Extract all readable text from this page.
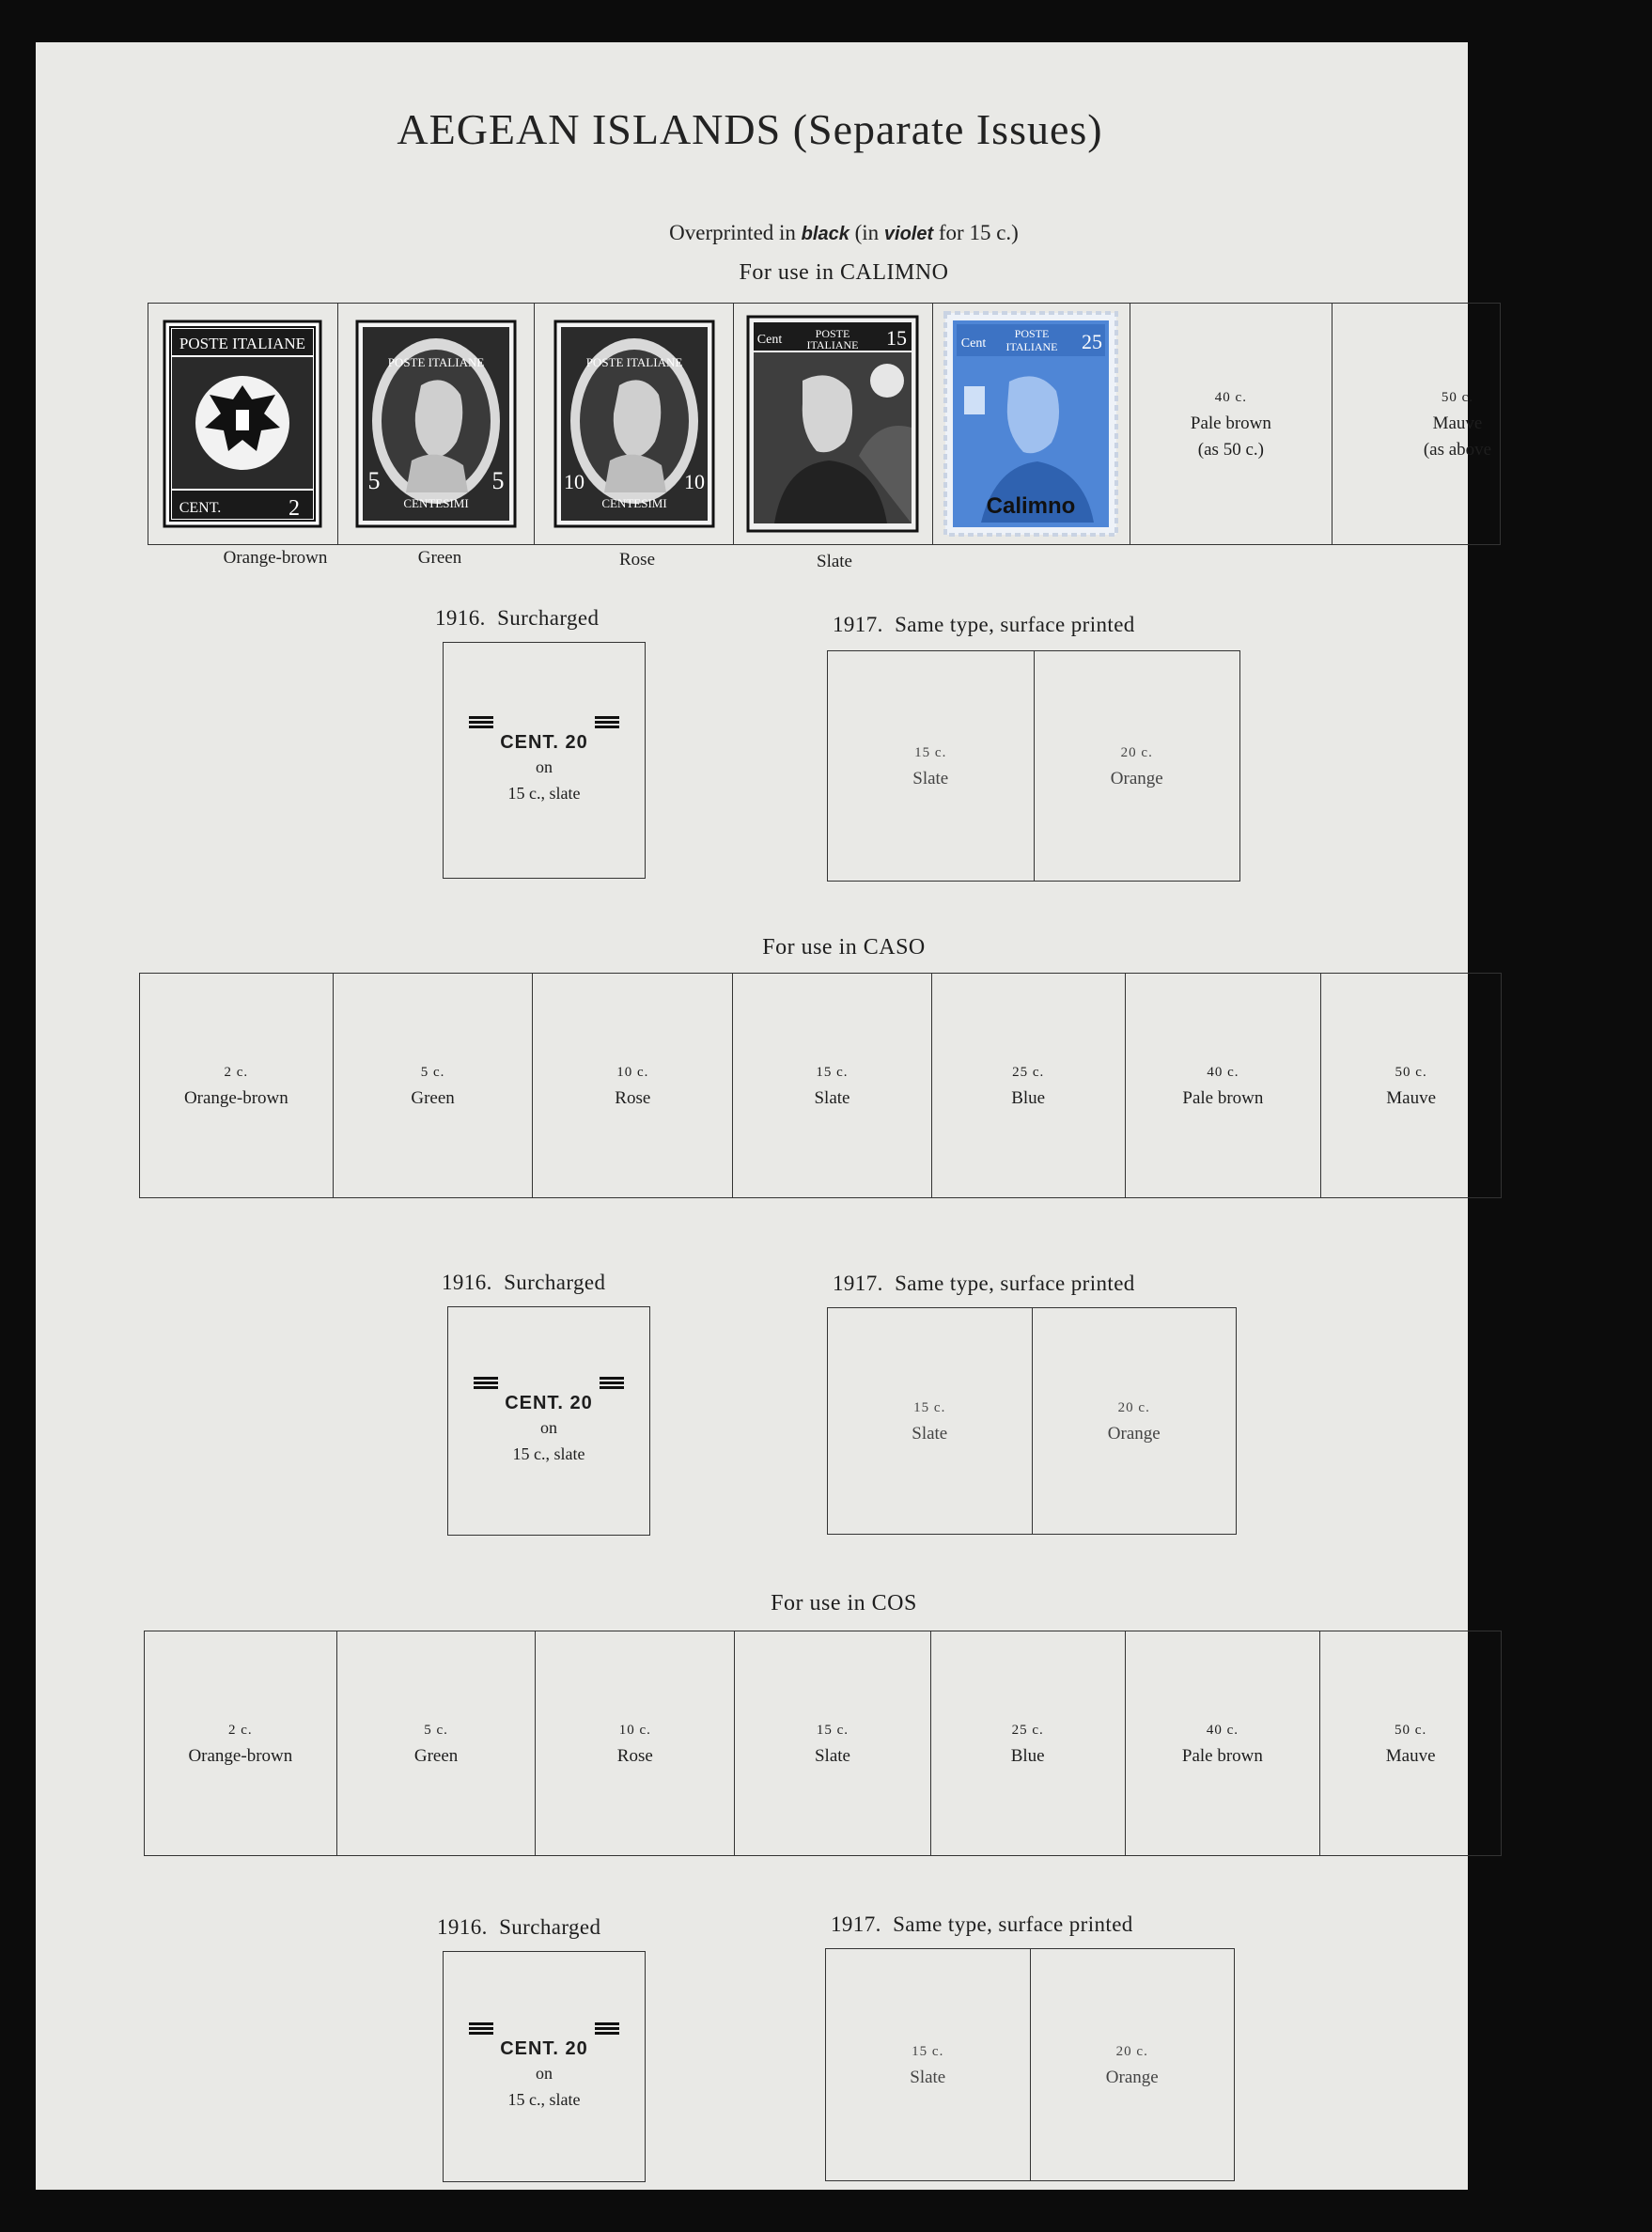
AEGEAN ISLANDS (Separate Issues)
Overprinted in black (in violet for 15 c.)
For use in CALIMNO
POSTE ITALIANE
CENT.	2
POSTE ITALIANE
CENTESIMI
5	5
POSTE ITALIANE
CENTESIMI
10	10
Cent	POSTE
ITALIANE 15	Cent
POSTE
ITALIANE 25
Calimno
40 c.
Pale brown
(as 50 c.)
50 c.
Mauve
(as above
Orange-brown	Green	Rose	Slate
1916. Surcharged
CENT. 20
on
15 c., slate
1917. Same type, surface printed
15 c.
Slate
20 c.
Orange
For use in CASO
2 c.
Orange-brown
5 c.
Green
10 c.
Rose
15 c.
Slate
25 c.
Blue
40 c.
Pale brown
50 c.
Mauve
1916. Surcharged
CENT. 20
on
15 c., slate
1917. Same type, surface printed
15 c.
Slate
20 c.
Orange
For use in COS
2 c.
Orange-brown
5 c.
Green
10 c.
Rose
15 c.
Slate
25 c.
Blue
40 c.
Pale brown
50 c.
Mauve
1916. Surcharged
CENT. 20
on
15 c., slate
1917. Same type, surface printed
15 c.
Slate
20 c.
Orange
